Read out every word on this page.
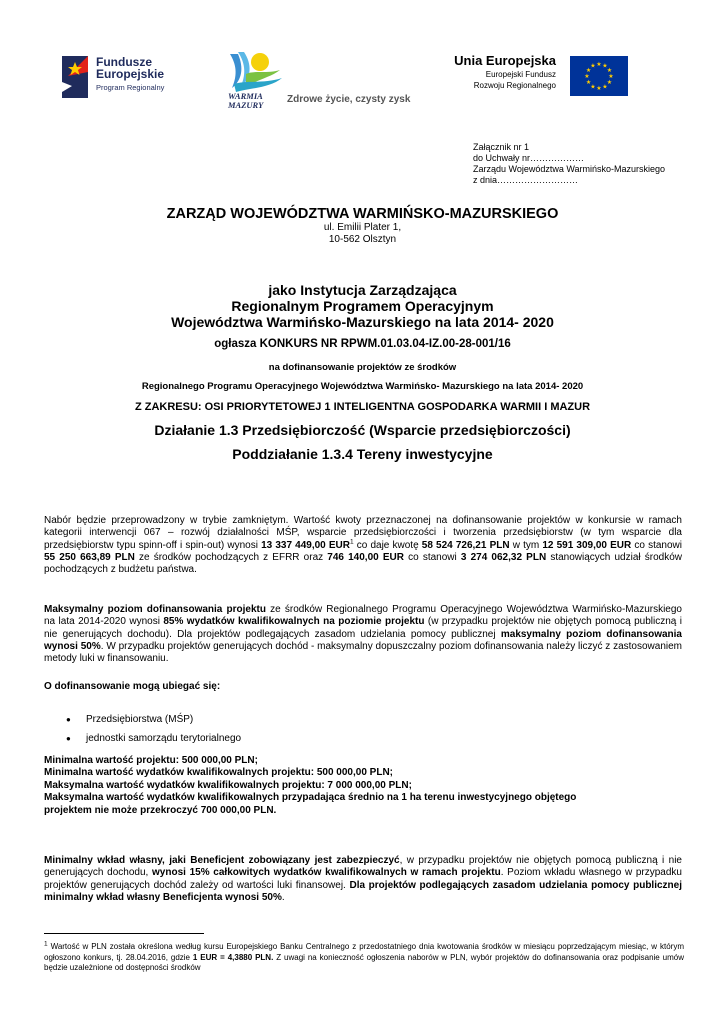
Fundusze
Europejskie
Program Regionalny
WARMIA
MAZURY Zdrowe życie, czysty zysk
Unia Europejska
Europejski Fundusz
Rozwoju Regionalnego
★ ★
★
★
★
★
★
★
★
★
★
★
Załącznik nr 1
do Uchwały nr………………
Zarządu Województwa Warmińsko-Mazurskiego
z dnia………………………
ZARZĄD WOJEWÓDZTWA WARMIŃSKO-MAZURSKIEGO
ul. Emilii Plater 1,
10-562 Olsztyn
jako Instytucja Zarządzająca
Regionalnym Programem Operacyjnym
Województwa Warmińsko-Mazurskiego na lata 2014- 2020
ogłasza KONKURS NR RPWM.01.03.04-IZ.00-28-001/16
na dofinansowanie projektów ze środków
Regionalnego Programu Operacyjnego Województwa Warmińsko- Mazurskiego na lata 2014- 2020
Z ZAKRESU: OSI PRIORYTETOWEJ 1 INTELIGENTNA GOSPODARKA WARMII I MAZUR
Działanie 1.3 Przedsiębiorczość (Wsparcie przedsiębiorczości)
Poddziałanie 1.3.4 Tereny inwestycyjne
Nabór będzie przeprowadzony w trybie zamkniętym. Wartość kwoty przeznaczonej na dofinansowanie projektów w konkursie w ramach kategorii interwencji 067 – rozwój działalności MŚP, wsparcie przedsiębiorczości i tworzenia przedsiębiorstw (w tym wsparcie dla przedsiębiorstw typu spinn-off i spin-out) wynosi 13 337 449,00 EUR$^1$ co daje kwotę 58 524 726,21 PLN w tym 12 591 309,00 EUR co stanowi 55 250 663,89 PLN ze środków pochodzących z EFRR oraz 746 140,00 EUR co stanowi 3 274 062,32 PLN stanowiących udział środków pochodzących z budżetu państwa.
Maksymalny poziom dofinansowania projektu ze środków Regionalnego Programu Operacyjnego Województwa Warmińsko-Mazurskiego na lata 2014-2020 wynosi 85% wydatków kwalifikowalnych na poziomie projektu (w przypadku projektów nie objętych pomocą publiczną i nie generujących dochodu). Dla projektów podlegających zasadom udzielania pomocy publicznej maksymalny poziom dofinansowania wynosi 50%. W przypadku projektów generujących dochód - maksymalny dopuszczalny poziom dofinansowania należy liczyć z zastosowaniem metody luki w finansowaniu.
O dofinansowanie mogą ubiegać się:
● Przedsiębiorstwa (MŚP)
● jednostki samorządu terytorialnego
Minimalna wartość projektu: 500 000,00 PLN;
Minimalna wartość wydatków kwalifikowalnych projektu: 500 000,00 PLN;
Maksymalna wartość wydatków kwalifikowalnych projektu: 7 000 000,00 PLN;
Maksymalna wartość wydatków kwalifikowalnych przypadająca średnio na 1 ha terenu inwestycyjnego objętego
projektem nie może przekroczyć 700 000,00 PLN.
Minimalny wkład własny, jaki Beneficjent zobowiązany jest zabezpieczyć, w przypadku projektów nie objętych pomocą publiczną i nie generujących dochodu, wynosi 15% całkowitych wydatków kwalifikowalnych w ramach projektu. Poziom wkładu własnego w przypadku projektów generujących dochód zależy od wartości luki finansowej. Dla projektów podlegających zasadom udzielania pomocy publicznej minimalny wkład własny Beneficjenta wynosi 50%.
$^1$ Wartość w PLN została określona według kursu Europejskiego Banku Centralnego z przedostatniego dnia kwotowania środków w miesiącu poprzedzającym miesiąc, w którym ogłoszono konkurs, tj. 28.04.2016, gdzie 1 EUR = 4,3880 PLN. Z uwagi na konieczność ogłoszenia naborów w PLN, wybór projektów do dofinansowania oraz podpisanie umów będzie uzależnione od dostępności środków
